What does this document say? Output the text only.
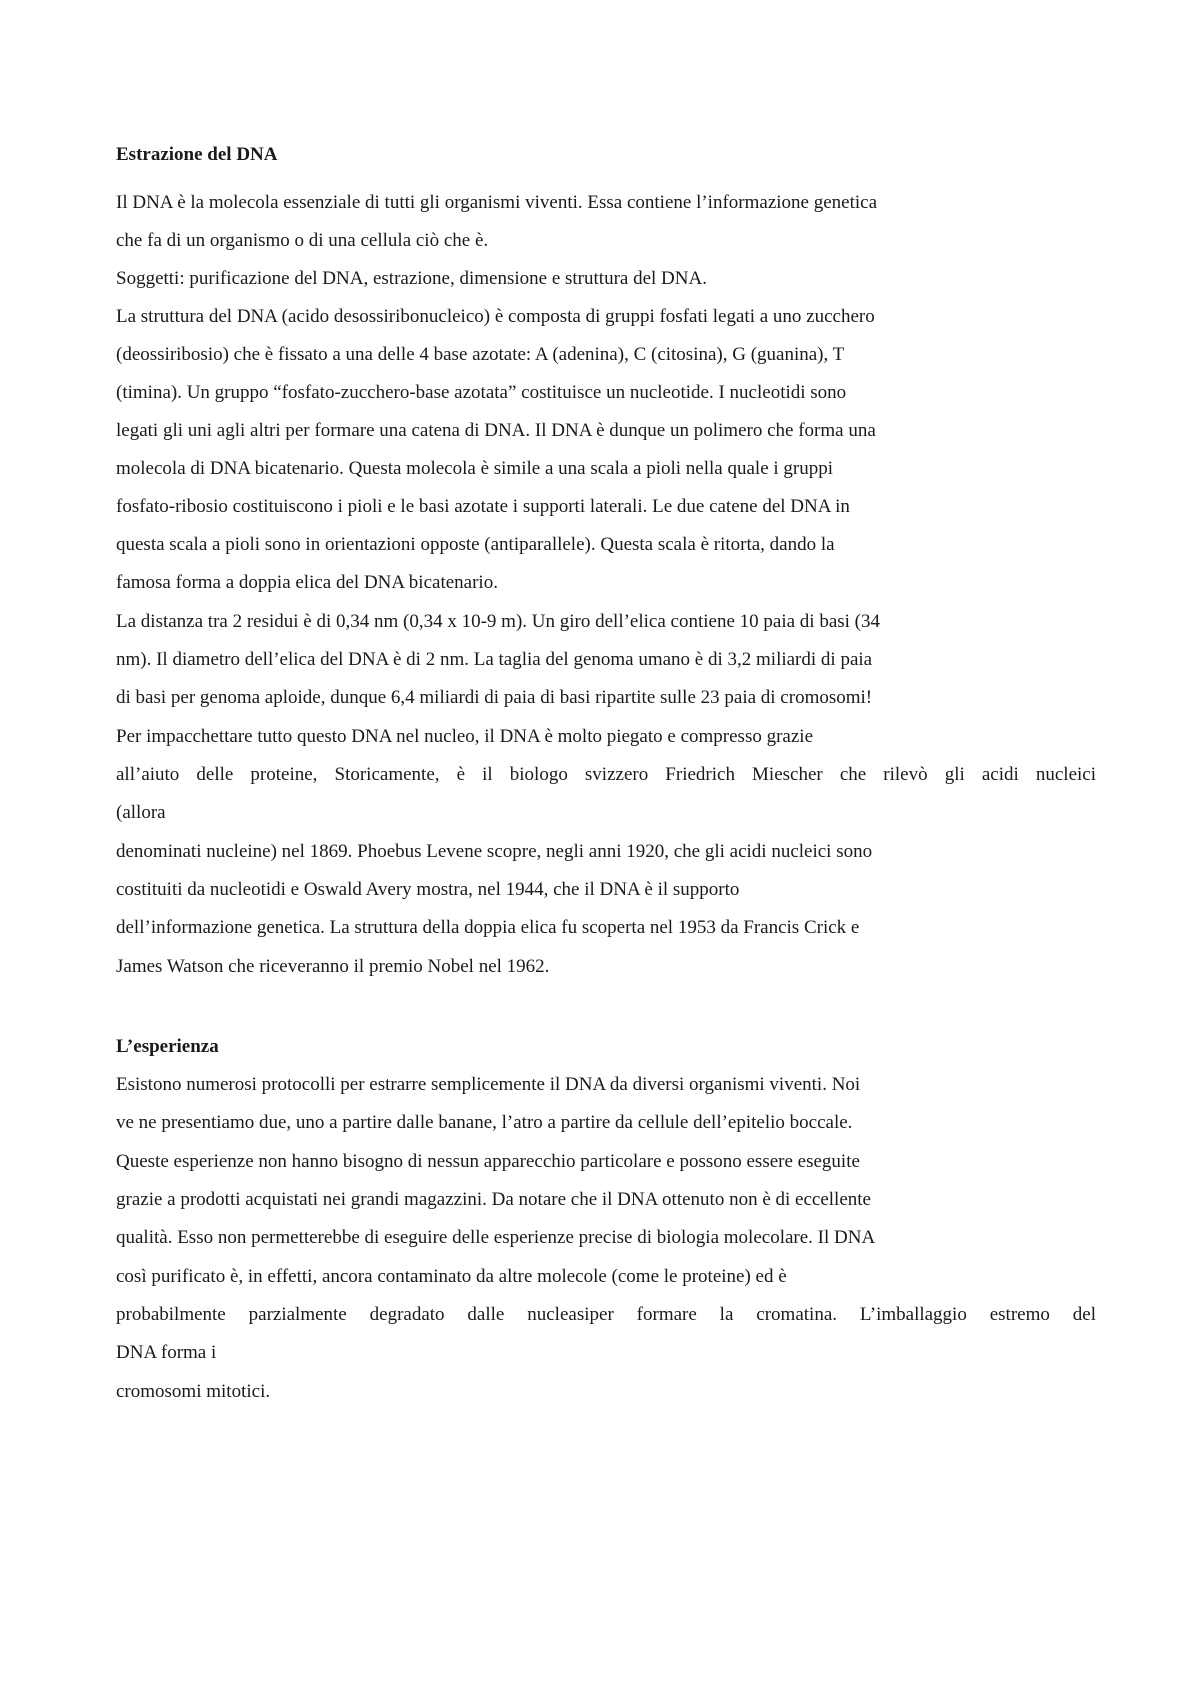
Estrazione del DNA
Il DNA è la molecola essenziale di tutti gli organismi viventi. Essa contiene l’informazione genetica
che fa di un organismo o di una cellula ciò che è.
Soggetti: purificazione del DNA, estrazione, dimensione e struttura del DNA.
La struttura del DNA (acido desossiribonucleico) è composta di gruppi fosfati legati a uno zucchero
(deossiribosio) che è fissato a una delle 4 base azotate: A (adenina), C (citosina), G (guanina), T
(timina). Un gruppo “fosfato-zucchero-base azotata” costituisce un nucleotide. I nucleotidi sono
legati gli uni agli altri per formare una catena di DNA. Il DNA è dunque un polimero che forma una
molecola di DNA bicatenario. Questa molecola è simile a una scala a pioli nella quale i gruppi
fosfato-ribosio costituiscono i pioli e le basi azotate i supporti laterali. Le due catene del DNA in
questa scala a pioli sono in orientazioni opposte (antiparallele). Questa scala è ritorta, dando la
famosa forma a doppia elica del DNA bicatenario.
La distanza tra 2 residui è di 0,34 nm (0,34 x 10-9 m). Un giro dell’elica contiene 10 paia di basi (34
nm). Il diametro dell’elica del DNA è di 2 nm. La taglia del genoma umano è di 3,2 miliardi di paia
di basi per genoma aploide, dunque 6,4 miliardi di paia di basi ripartite sulle 23 paia di cromosomi!
Per impacchettare tutto questo DNA nel nucleo, il DNA è molto piegato e compresso grazie
all’aiuto delle proteine, Storicamente, è il biologo svizzero Friedrich Miescher che rilevò gli acidi nucleici
(allora
denominati nucleine) nel 1869. Phoebus Levene scopre, negli anni 1920, che gli acidi nucleici sono
costituiti da nucleotidi e Oswald Avery mostra, nel 1944, che il DNA è il supporto
dell’informazione genetica. La struttura della doppia elica fu scoperta nel 1953 da Francis Crick e
James Watson che riceveranno il premio Nobel nel 1962.
L’esperienza
Esistono numerosi protocolli per estrarre semplicemente il DNA da diversi organismi viventi. Noi
ve ne presentiamo due, uno a partire dalle banane, l’atro a partire da cellule dell’epitelio boccale.
Queste esperienze non hanno bisogno di nessun apparecchio particolare e possono essere eseguite
grazie a prodotti acquistati nei grandi magazzini. Da notare che il DNA ottenuto non è di eccellente
qualità. Esso non permetterebbe di eseguire delle esperienze precise di biologia molecolare. Il DNA
così purificato è, in effetti, ancora contaminato da altre molecole (come le proteine) ed è
probabilmente parzialmente degradato dalle nucleasiper formare la cromatina. L’imballaggio estremo del
DNA forma i
cromosomi mitotici.
